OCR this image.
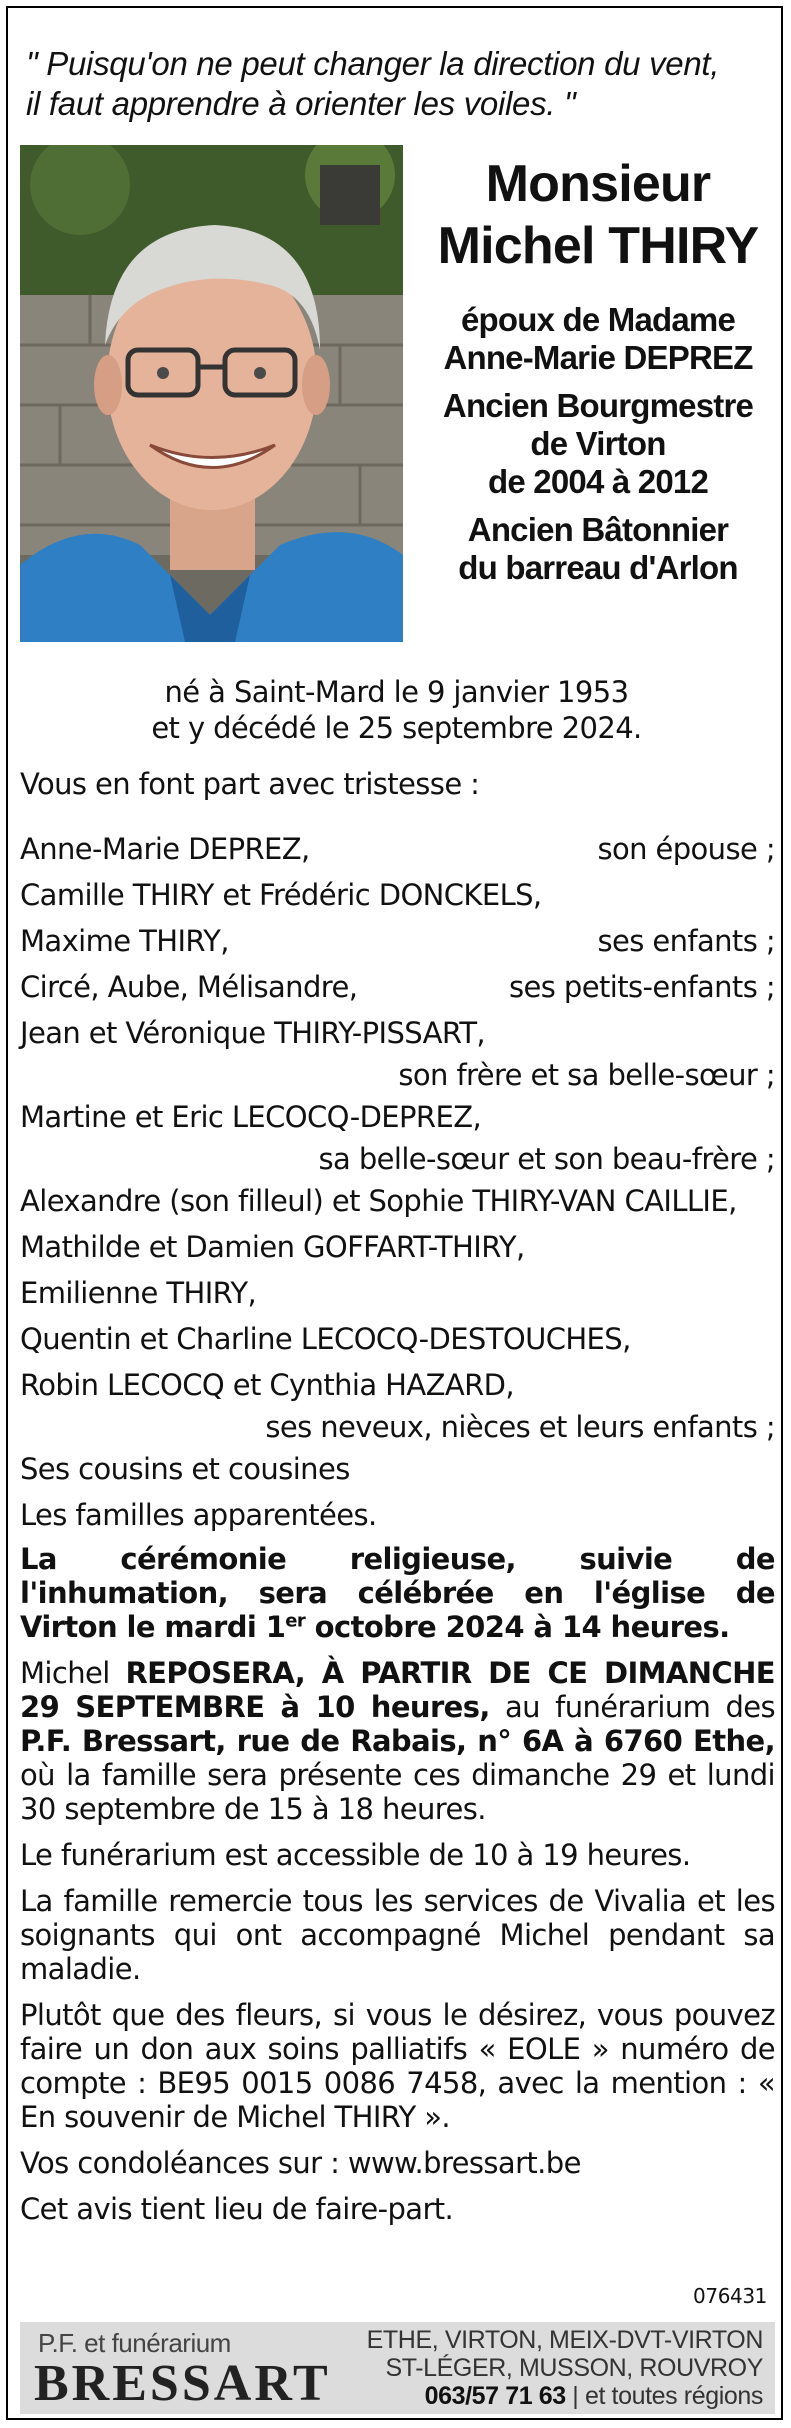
" Puisqu'on ne peut changer la direction du vent,
il faut apprendre à orienter les voiles. "
Monsieur
Michel THIRY
époux de Madame
Anne-Marie DEPREZ
Ancien Bourgmestre
de Virton
de 2004 à 2012
Ancien Bâtonnier
du barreau d'Arlon
né à Saint-Mard le 9 janvier 1953
et y décédé le 25 septembre 2024.
Vous en font part avec tristesse :
Anne-Marie DEPREZ,	son épouse ;
Camille THIRY et Frédéric DONCKELS,
Maxime THIRY,	ses enfants ;
Circé, Aube, Mélisandre,	ses petits-enfants ;
Jean et Véronique THIRY-PISSART,
son frère et sa belle-sœur ;
Martine et Eric LECOCQ-DEPREZ,
sa belle-sœur et son beau-frère ;
Alexandre (son filleul) et Sophie THIRY-VAN CAILLIE,
Mathilde et Damien GOFFART-THIRY,
Emilienne THIRY,
Quentin et Charline LECOCQ-DESTOUCHES,
Robin LECOCQ et Cynthia HAZARD,
ses neveux, nièces et leurs enfants ;
Ses cousins et cousines
Les familles apparentées.

La cérémonie religieuse, suivie de l'inhumation, sera célébrée en l'église de Virton le mardi 1er octobre 2024 à 14 heures.

Michel REPOSERA, À PARTIR DE CE DIMANCHE 29 SEPTEMBRE à 10 heures, au funérarium des P.F. Bressart, rue de Rabais, n° 6A à 6760 Ethe, où la famille sera présente ces dimanche 29 et lundi 30 septembre de 15 à 18 heures.

Le funérarium est accessible de 10 à 19 heures.

La famille remercie tous les services de Vivalia et les soignants qui ont accompagné Michel pendant sa maladie.

Plutôt que des fleurs, si vous le désirez, vous pouvez faire un don aux soins palliatifs « EOLE » numéro de compte : BE95 0015 0086 7458, avec la mention : « En souvenir de Michel THIRY ».

Vos condoléances sur : www.bressart.be

Cet avis tient lieu de faire-part.

076431
P.F. et funérarium
BRESSART
ETHE, VIRTON, MEIX-DVT-VIRTON
ST-LÉGER, MUSSON, ROUVROY
063/57 71 63 | et toutes régions
